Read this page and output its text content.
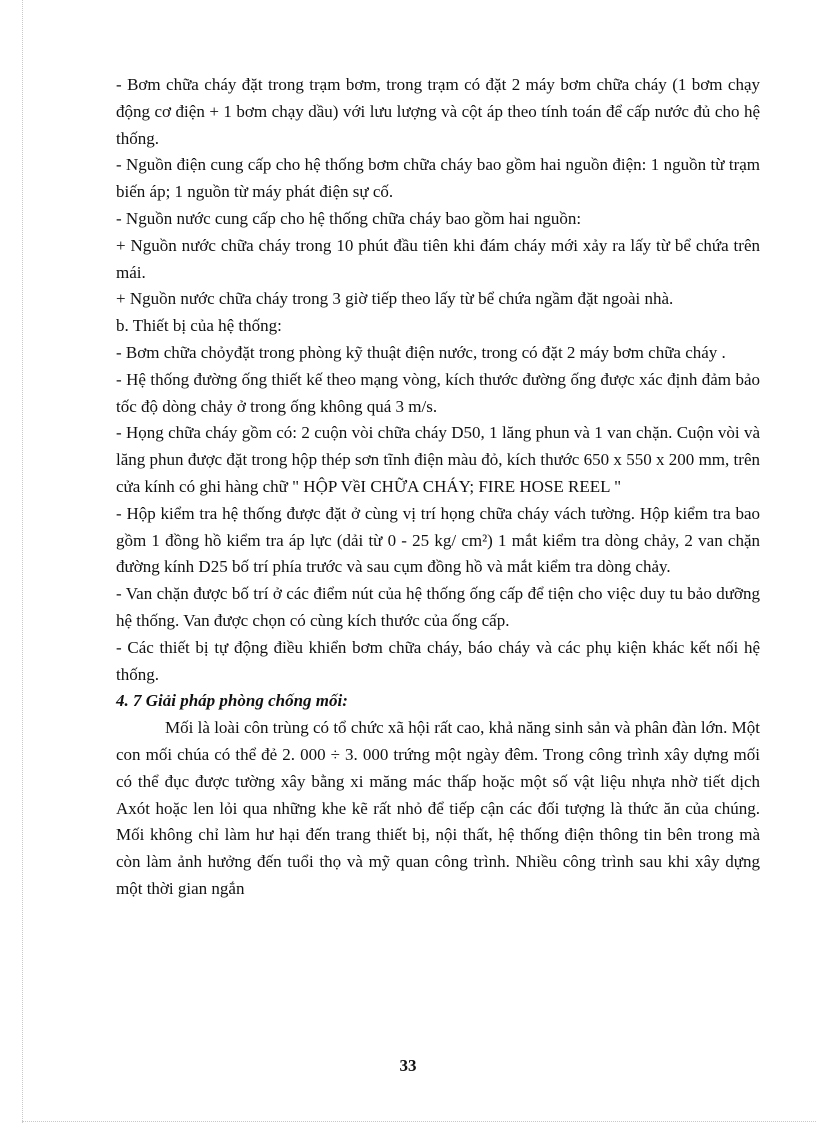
- Bơm chữa cháy đặt trong trạm bơm, trong trạm có đặt 2 máy bơm chữa cháy (1 bơm chạy động cơ điện + 1 bơm chạy dầu) với lưu lượng và cột áp theo tính toán để cấp nước đủ cho hệ thống.

- Nguồn điện cung cấp cho hệ thống bơm chữa cháy bao gồm hai nguồn điện: 1 nguồn từ trạm biến áp; 1 nguồn từ máy phát điện sự cố.

- Nguồn nước cung cấp cho hệ thống chữa cháy bao gồm hai nguồn:

+ Nguồn nước chữa cháy trong 10 phút đầu tiên khi đám cháy mới xảy ra lấy từ bể chứa trên mái.

+ Nguồn nước chữa cháy trong 3 giờ tiếp theo lấy từ bể chứa ngầm đặt ngoài nhà.

b. Thiết bị của hệ thống:

- Bơm chữa chỏyđặt trong phòng kỹ thuật điện nước, trong có đặt 2 máy bơm chữa cháy .

- Hệ thống đường ống thiết kế theo mạng vòng, kích thước đường ống được xác định đảm bảo tốc độ dòng chảy ở trong ống không quá 3 m/s.

- Họng chữa cháy gồm có: 2 cuộn vòi chữa cháy D50, 1 lăng phun và 1 van chặn. Cuộn vòi và lăng phun được đặt trong hộp thép sơn tĩnh điện màu đỏ, kích thước 650 x 550 x 200 mm, trên cửa kính có ghi hàng chữ " HỘP VềI CHỮA CHÁY; FIRE HOSE REEL "

- Hộp kiểm tra hệ thống được đặt ở cùng vị trí họng chữa cháy vách tường. Hộp kiểm tra bao gồm 1 đồng hồ kiểm tra áp lực (dải từ 0 - 25 kg/ cm²) 1 mắt kiểm tra dòng chảy, 2 van chặn đường kính D25 bố trí phía trước và sau cụm đồng hồ và mắt kiểm tra dòng chảy.

- Van chặn được bố trí ở các điểm nút của hệ thống ống cấp để tiện cho việc duy tu bảo dưỡng hệ thống. Van được chọn có cùng kích thước của ống cấp.

- Các thiết bị tự động điều khiển bơm chữa cháy, báo cháy và các phụ kiện khác kết nối hệ thống.

4. 7 Giải pháp phòng chống mối:

Mối là loài côn trùng có tổ chức xã hội rất cao, khả năng sinh sản và phân đàn lớn. Một con mối chúa có thể đẻ 2. 000 ÷ 3. 000 trứng một ngày đêm. Trong công trình xây dựng mối có thể đục được tường xây bằng xi măng mác thấp hoặc một số vật liệu nhựa nhờ tiết dịch Axót hoặc len lỏi qua những khe kẽ rất nhỏ để tiếp cận các đối tượng là thức ăn của chúng. Mối không chỉ làm hư hại đến trang thiết bị, nội thất, hệ thống điện thông tin bên trong mà còn làm ảnh hưởng đến tuổi thọ và mỹ quan công trình. Nhiều công trình sau khi xây dựng một thời gian ngắn

33
